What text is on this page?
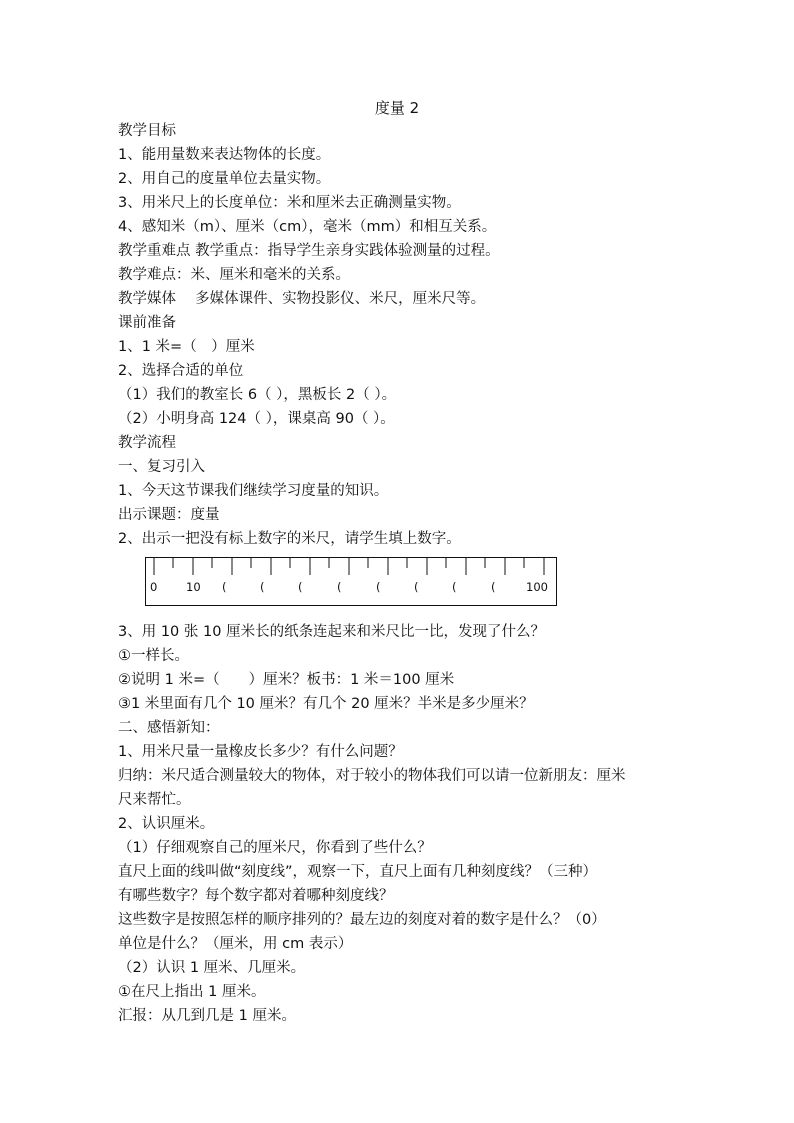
度量 2
教学目标
1、能用量数来表达物体的长度。
2、用自己的度量单位去量实物。
3、用米尺上的长度单位：米和厘米去正确测量实物。
4、感知米（m）、厘米（cm），毫米（mm）和相互关系。
教学重难点 教学重点：指导学生亲身实践体验测量的过程。
教学难点：米、厘米和毫米的关系。
教学媒体　 多媒体课件、实物投影仪、米尺，厘米尺等。
课前准备
1、1 米=（　）厘米
2、选择合适的单位
（1）我们的教室长 6（ ），黑板长 2（ ）。
（2）小明身高 124（ ），课桌高 90（ ）。
教学流程
一、复习引入
1、今天这节课我们继续学习度量的知识。
出示课题：度量
2、出示一把没有标上数字的米尺，请学生填上数字。
0 10 (	(	(	(	(	(	(	(	100
3、用 10 张 10 厘米长的纸条连起来和米尺比一比，发现了什么？
①一样长。
②说明 1 米=（　　）厘米？板书：1 米＝100 厘米
③1 米里面有几个 10 厘米？有几个 20 厘米？半米是多少厘米？
二、感悟新知：
1、用米尺量一量橡皮长多少？有什么问题？
归纳：米尺适合测量较大的物体，对于较小的物体我们可以请一位新朋友：厘米
尺来帮忙。
2、认识厘米。
（1）仔细观察自己的厘米尺，你看到了些什么？
直尺上面的线叫做“刻度线”，观察一下，直尺上面有几种刻度线？（三种）
有哪些数字？每个数字都对着哪种刻度线？
这些数字是按照怎样的顺序排列的？最左边的刻度对着的数字是什么？（0）
单位是什么？（厘米，用 cm 表示）
（2）认识 1 厘米、几厘米。
①在尺上指出 1 厘米。
汇报：从几到几是 1 厘米。
